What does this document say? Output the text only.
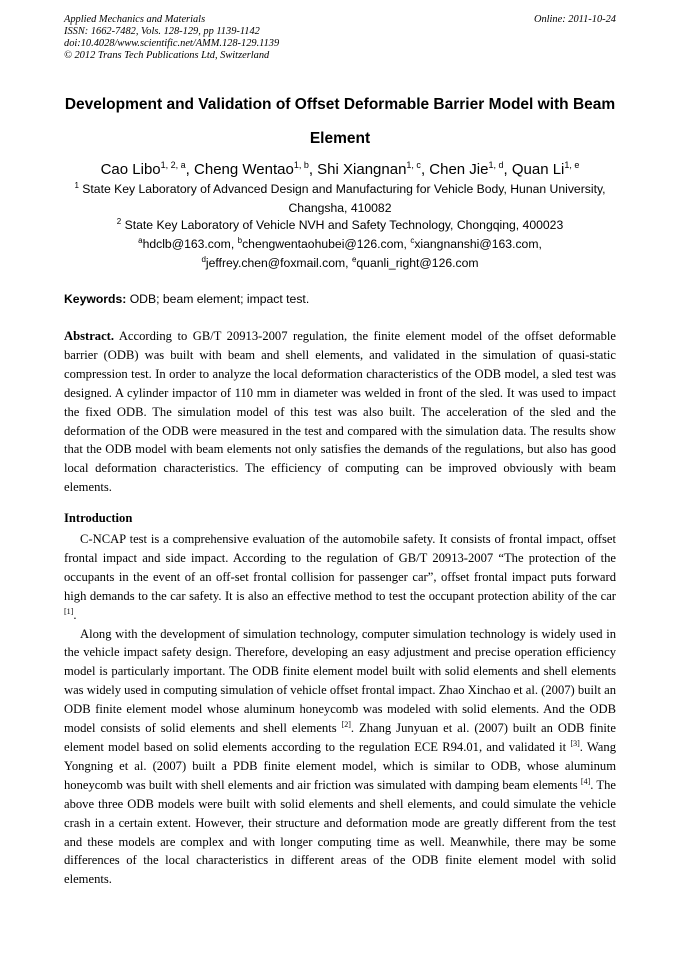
Applied Mechanics and Materials
ISSN: 1662-7482, Vols. 128-129, pp 1139-1142
doi:10.4028/www.scientific.net/AMM.128-129.1139
© 2012 Trans Tech Publications Ltd, Switzerland
Online: 2011-10-24
Development and Validation of Offset Deformable Barrier Model with Beam Element
Cao Libo$^{1, 2, a}$, Cheng Wentao$^{1, b}$, Shi Xiangnan$^{1, c}$, Chen Jie$^{1, d}$, Quan Li$^{1, e}$
$^1$ State Key Laboratory of Advanced Design and Manufacturing for Vehicle Body, Hunan University, Changsha, 410082
$^2$ State Key Laboratory of Vehicle NVH and Safety Technology, Chongqing, 400023
$^a$hdclb@163.com, $^b$chengwentaohubei@126.com, $^c$xiangnanshi@163.com,
$^d$jeffrey.chen@foxmail.com, $^e$quanli_right@126.com
Keywords: ODB; beam element; impact test.
Abstract. According to GB/T 20913-2007 regulation, the finite element model of the offset deformable barrier (ODB) was built with beam and shell elements, and validated in the simulation of quasi-static compression test. In order to analyze the local deformation characteristics of the ODB model, a sled test was designed. A cylinder impactor of 110 mm in diameter was welded in front of the sled. It was used to impact the fixed ODB. The simulation model of this test was also built. The acceleration of the sled and the deformation of the ODB were measured in the test and compared with the simulation data. The results show that the ODB model with beam elements not only satisfies the demands of the regulations, but also has good local deformation characteristics. The efficiency of computing can be improved obviously with beam elements.
Introduction

C-NCAP test is a comprehensive evaluation of the automobile safety. It consists of frontal impact, offset frontal impact and side impact. According to the regulation of GB/T 20913-2007 “The protection of the occupants in the event of an off-set frontal collision for passenger car”, offset frontal impact puts forward high demands to the car safety. It is also an effective method to test the occupant protection ability of the car [1].

Along with the development of simulation technology, computer simulation technology is widely used in the vehicle impact safety design. Therefore, developing an easy adjustment and precise operation efficiency model is particularly important. The ODB finite element model built with solid elements and shell elements was widely used in computing simulation of vehicle offset frontal impact. Zhao Xinchao et al. (2007) built an ODB finite element model whose aluminum honeycomb was modeled with solid elements. And the ODB model consists of solid elements and shell elements [2]. Zhang Junyuan et al. (2007) built an ODB finite element model based on solid elements according to the regulation ECE R94.01, and validated it [3]. Wang Yongning et al. (2007) built a PDB finite element model, which is similar to ODB, whose aluminum honeycomb was built with shell elements and air friction was simulated with damping beam elements [4]. The above three ODB models were built with solid elements and shell elements, and could simulate the vehicle crash in a certain extent. However, their structure and deformation mode are greatly different from the test and these models are complex and with longer computing time as well. Meanwhile, there may be some differences of the local characteristics in different areas of the ODB finite element model with solid elements.
